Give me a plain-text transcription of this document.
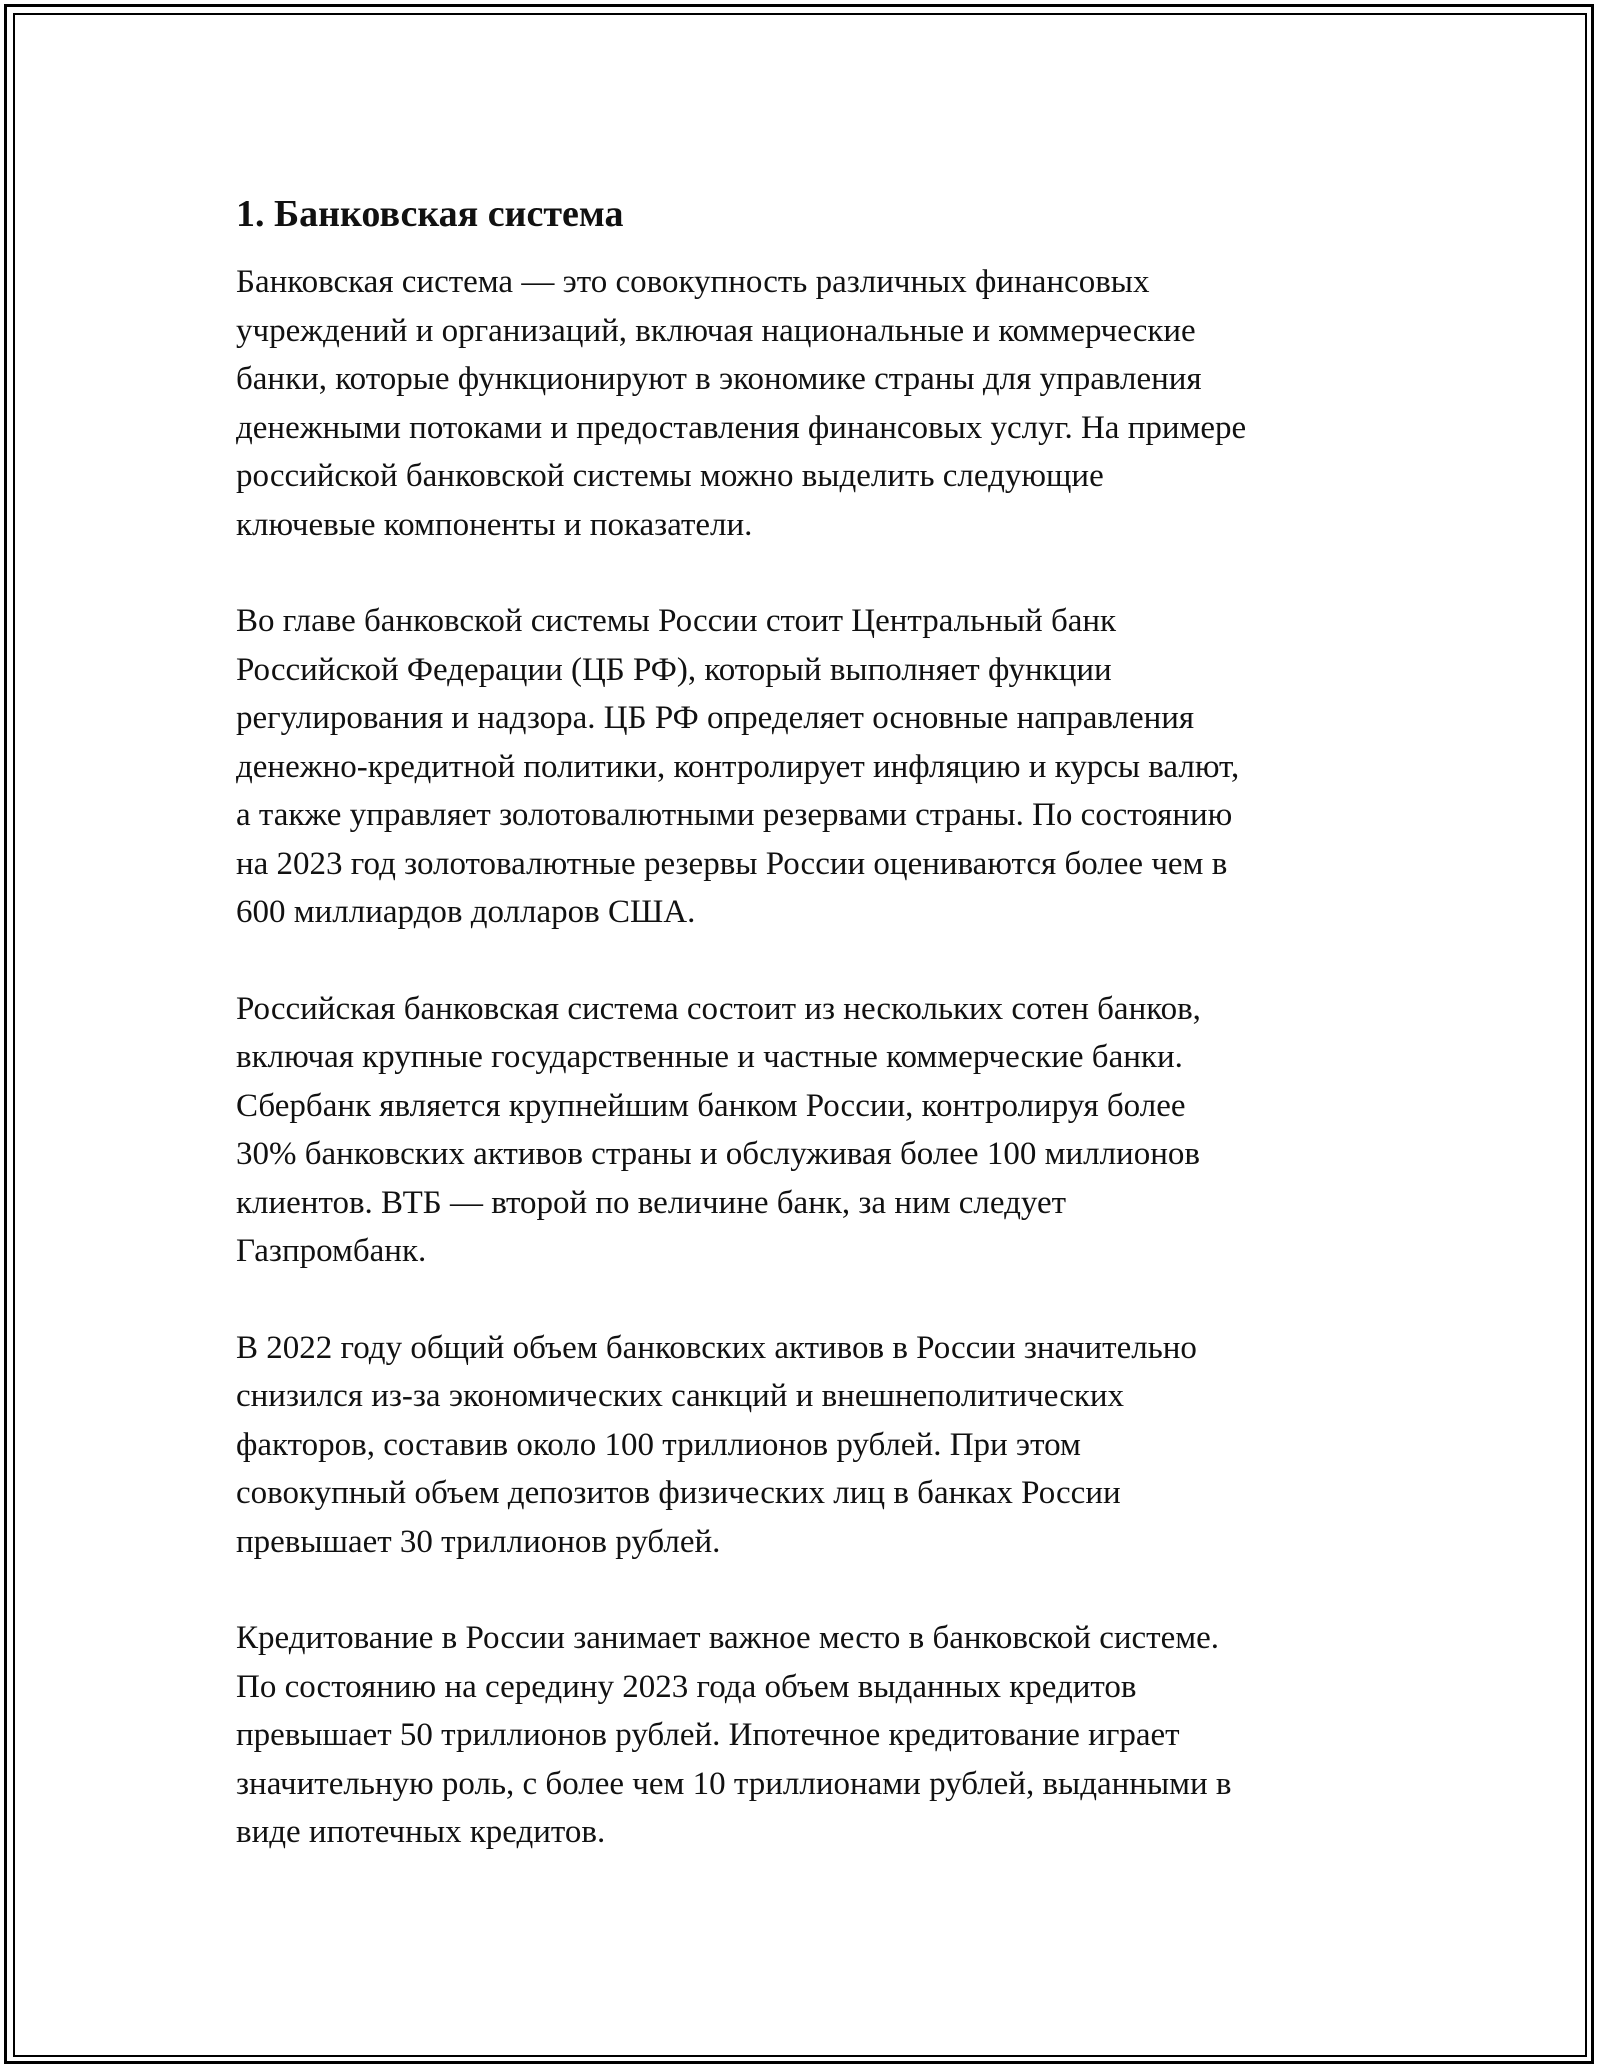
1. Банковская система

Банковская система — это совокупность различных финансовых
учреждений и организаций, включая национальные и коммерческие
банки, которые функционируют в экономике страны для управления
денежными потоками и предоставления финансовых услуг. На примере
российской банковской системы можно выделить следующие
ключевые компоненты и показатели.

Во главе банковской системы России стоит Центральный банк
Российской Федерации (ЦБ РФ), который выполняет функции
регулирования и надзора. ЦБ РФ определяет основные направления
денежно-кредитной политики, контролирует инфляцию и курсы валют,
а также управляет золотовалютными резервами страны. По состоянию
на 2023 год золотовалютные резервы России оцениваются более чем в
600 миллиардов долларов США.

Российская банковская система состоит из нескольких сотен банков,
включая крупные государственные и частные коммерческие банки.
Сбербанк является крупнейшим банком России, контролируя более
30% банковских активов страны и обслуживая более 100 миллионов
клиентов. ВТБ — второй по величине банк, за ним следует
Газпромбанк.

В 2022 году общий объем банковских активов в России значительно
снизился из-за экономических санкций и внешнеполитических
факторов, составив около 100 триллионов рублей. При этом
совокупный объем депозитов физических лиц в банках России
превышает 30 триллионов рублей.

Кредитование в России занимает важное место в банковской системе.
По состоянию на середину 2023 года объем выданных кредитов
превышает 50 триллионов рублей. Ипотечное кредитование играет
значительную роль, с более чем 10 триллионами рублей, выданными в
виде ипотечных кредитов.
